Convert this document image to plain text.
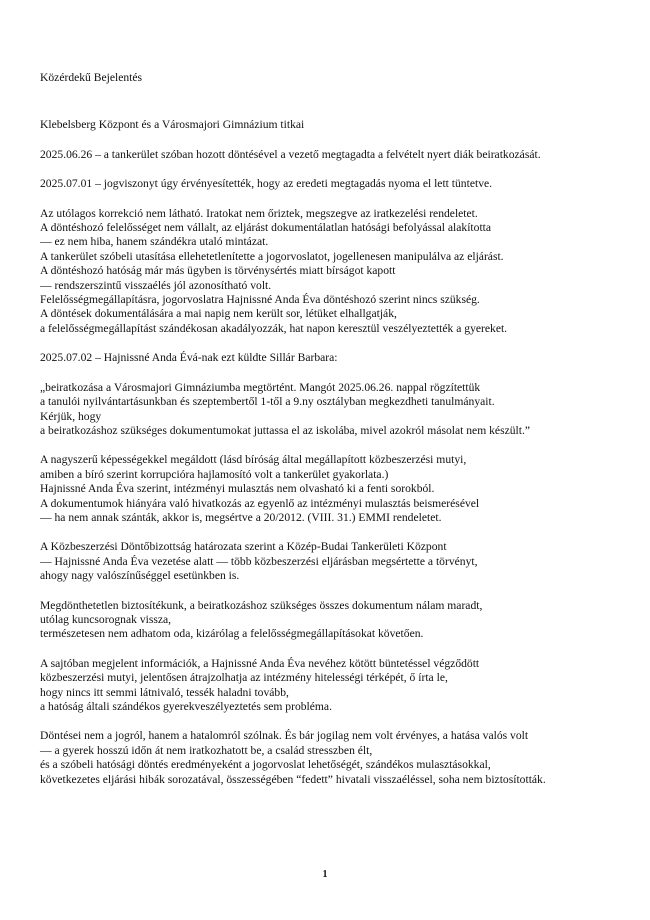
Közérdekű Bejelentés
Klebelsberg Központ és a Városmajori Gimnázium titkai
2025.06.26 – a tankerület szóban hozott döntésével a vezető megtagadta a felvételt nyert diák beiratkozását.
2025.07.01 – jogviszonyt úgy érvényesítették, hogy az eredeti megtagadás nyoma el lett tüntetve.
Az utólagos korrekció nem látható. Iratokat nem őriztek, megszegve az iratkezelési rendeletet.
A döntéshozó felelősséget nem vállalt, az eljárást dokumentálatlan hatósági befolyással alakította
— ez nem hiba, hanem szándékra utaló mintázat.
A tankerület szóbeli utasítása ellehetetlenítette a jogorvoslatot, jogellenesen manipulálva az eljárást.
A döntéshozó hatóság már más ügyben is törvénysértés miatt bírságot kapott
— rendszerszintű visszaélés jól azonosítható volt.
Felelősségmegállapításra, jogorvoslatra Hajnissné Anda Éva döntéshozó szerint nincs szükség.
A döntések dokumentálására a mai napig nem került sor, létüket elhallgatják,
a felelősségmegállapítást szándékosan akadályozzák, hat napon keresztül veszélyeztették a gyereket.
2025.07.02 – Hajnissné Anda Évá-nak ezt küldte Sillár Barbara:
„beiratkozása a Városmajori Gimnáziumba megtörtént. Mangót 2025.06.26. nappal rögzítettük
a tanulói nyilvántartásunkban és szeptembertől 1-től a 9.ny osztályban megkezdheti tanulmányait.
Kérjük, hogy
a beiratkozáshoz szükséges dokumentumokat juttassa el az iskolába, mivel azokról másolat nem készült.”
A nagyszerű képességekkel megáldott (lásd bíróság által megállapított közbeszerzési mutyi,
amiben a bíró szerint korrupcióra hajlamosító volt a tankerület gyakorlata.)
Hajnissné Anda Éva szerint, intézményi mulasztás nem olvasható ki a fenti sorokból.
A dokumentumok hiányára való hivatkozás az egyenlő az intézményi mulasztás beismerésével
— ha nem annak szánták, akkor is, megsértve a 20/2012. (VIII. 31.) EMMI rendeletet.
A Közbeszerzési Döntőbizottság határozata szerint a Közép-Budai Tankerületi Központ
— Hajnissné Anda Éva vezetése alatt — több közbeszerzési eljárásban megsértette a törvényt,
ahogy nagy valószínűséggel esetünkben is.
Megdönthetetlen biztosítékunk, a beiratkozáshoz szükséges összes dokumentum nálam maradt,
utólag kuncsorognak vissza,
természetesen nem adhatom oda, kizárólag a felelősségmegállapításokat követően.
A sajtóban megjelent információk, a Hajnissné Anda Éva nevéhez kötött büntetéssel végződött
közbeszerzési mutyi, jelentősen átrajzolhatja az intézmény hitelességi térképét, ő írta le,
hogy nincs itt semmi látnivaló, tessék haladni tovább,
a hatóság általi szándékos gyerekveszélyeztetés sem probléma.
Döntései nem a jogról, hanem a hatalomról szólnak. És bár jogilag nem volt érvényes, a hatása valós volt
— a gyerek hosszú időn át nem iratkozhatott be, a család stresszben élt,
és a szóbeli hatósági döntés eredményeként a jogorvoslat lehetőségét, szándékos mulasztásokkal,
következetes eljárási hibák sorozatával, összességében “fedett” hivatali visszaéléssel, soha nem biztosították.
1
